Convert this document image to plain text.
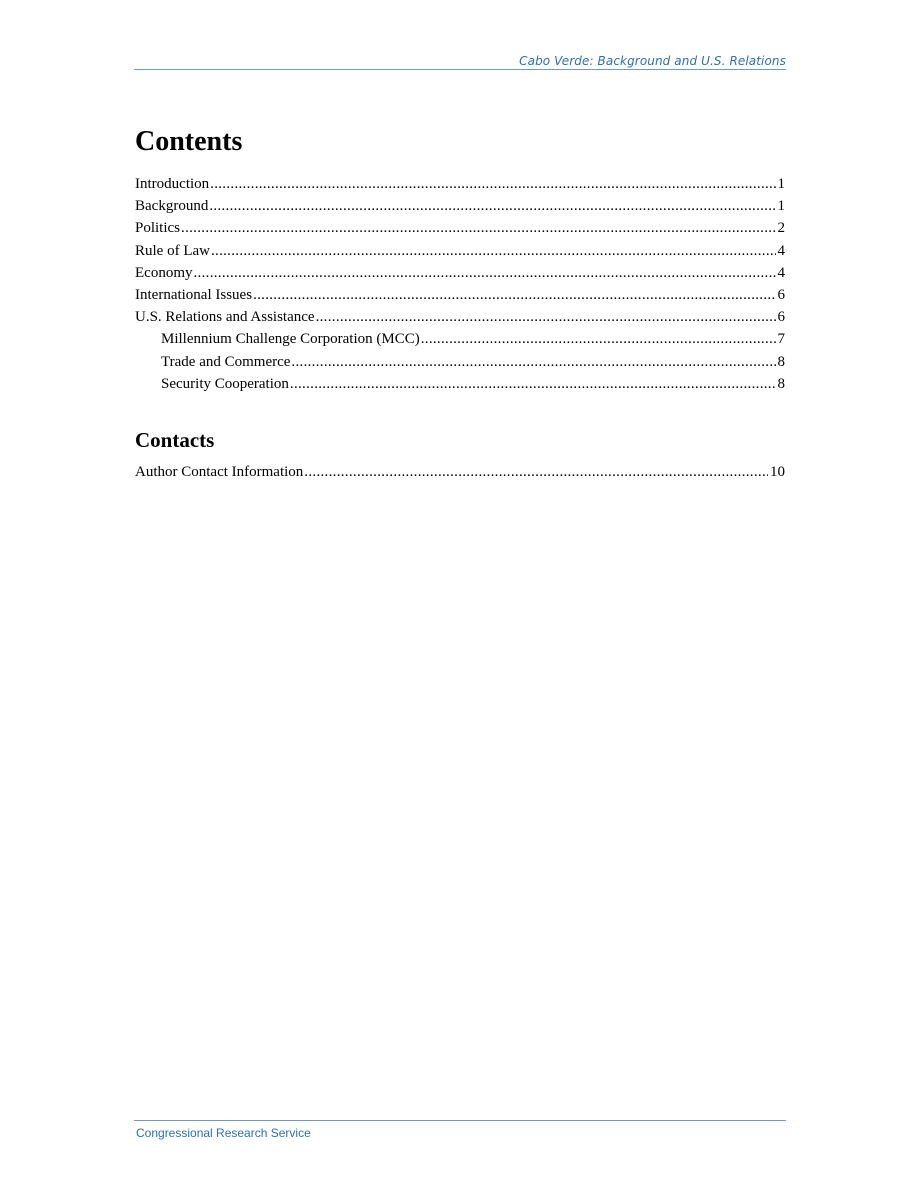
Cabo Verde: Background and U.S. Relations
Contents
Introduction .....	1
Background .....	1
Politics .....	2
Rule of Law .....	4
Economy .....	4
International Issues .....	6
U.S. Relations and Assistance .....	6
Millennium Challenge Corporation (MCC) .....	7
Trade and Commerce .....	8
Security Cooperation .....	8
Contacts
Author Contact Information .....	10
Congressional Research Service
